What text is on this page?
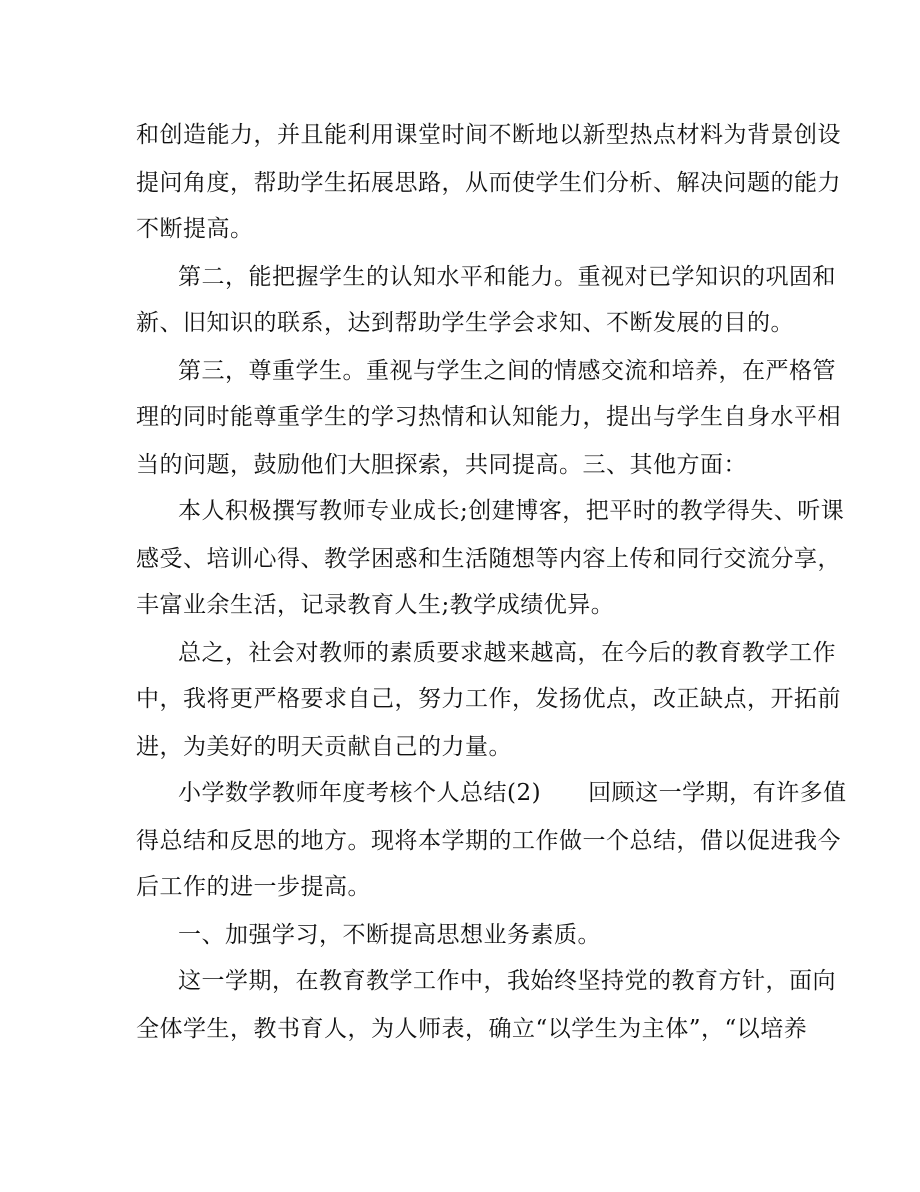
和创造能力，并且能利用课堂时间不断地以新型热点材料为背景创设
提问角度，帮助学生拓展思路，从而使学生们分析、解决问题的能力
不断提高。
第二，能把握学生的认知水平和能力。重视对已学知识的巩固和
新、旧知识的联系，达到帮助学生学会求知、不断发展的目的。
第三，尊重学生。重视与学生之间的情感交流和培养，在严格管
理的同时能尊重学生的学习热情和认知能力，提出与学生自身水平相
当的问题，鼓励他们大胆探索，共同提高。三、其他方面：
本人积极撰写教师专业成长;创建博客，把平时的教学得失、听课
感受、培训心得、教学困惑和生活随想等内容上传和同行交流分享，
丰富业余生活，记录教育人生;教学成绩优异。
总之，社会对教师的素质要求越来越高，在今后的教育教学工作
中，我将更严格要求自己，努力工作，发扬优点，改正缺点，开拓前
进，为美好的明天贡献自己的力量。
小学数学教师年度考核个人总结(2)　　回顾这一学期，有许多值
得总结和反思的地方。现将本学期的工作做一个总结，借以促进我今
后工作的进一步提高。
一、加强学习，不断提高思想业务素质。
这一学期，在教育教学工作中，我始终坚持党的教育方针，面向
全体学生，教书育人，为人师表，确立“以学生为主体”，“以培养
